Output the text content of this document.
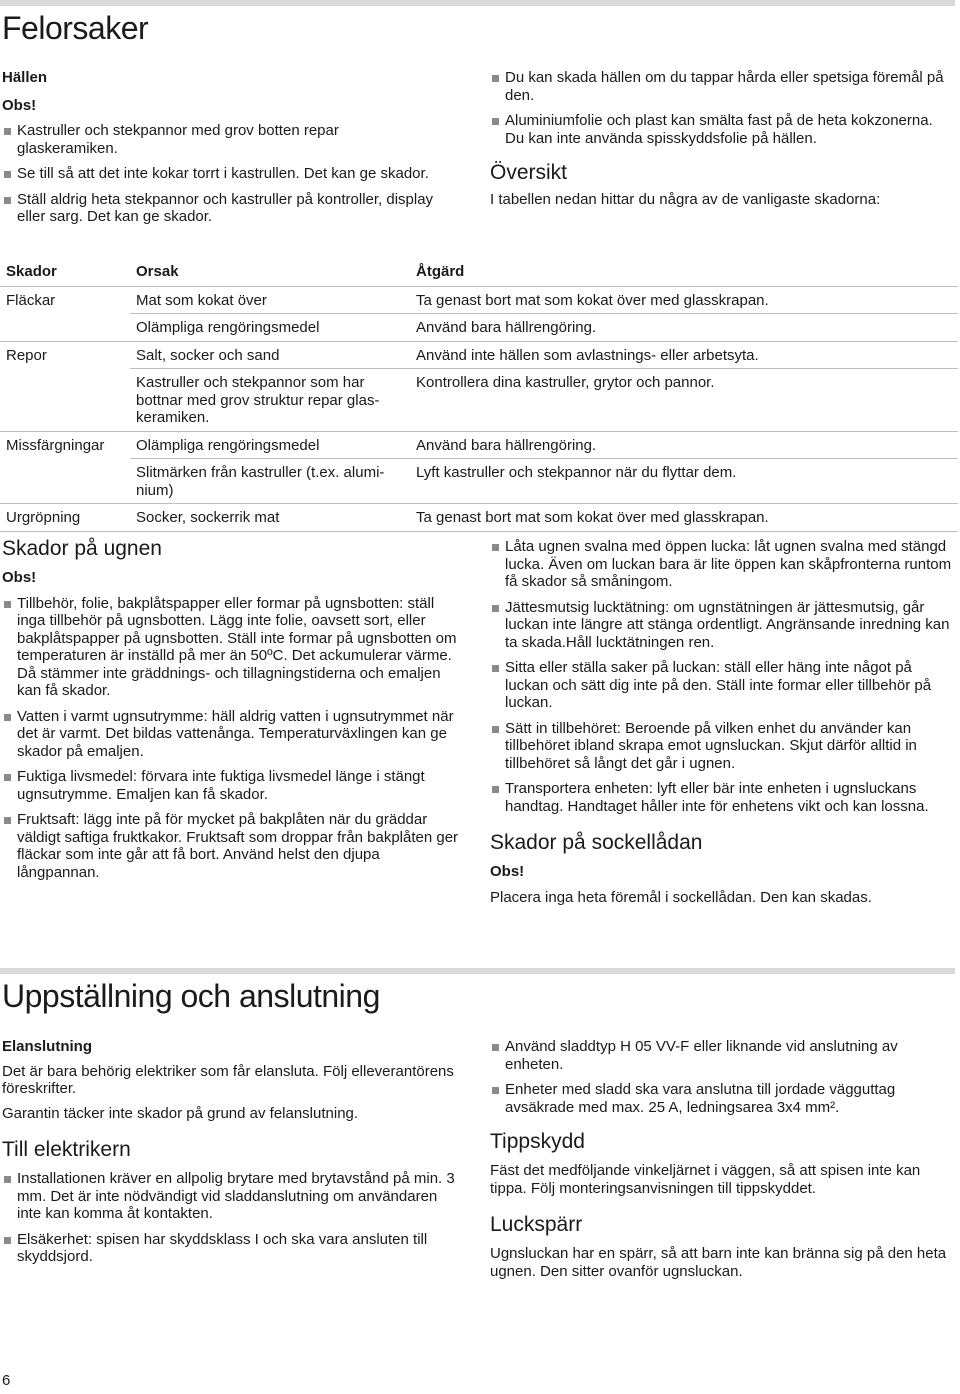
Felorsaker

Hällen

Obs!

Kastruller och stekpannor med grov botten repar glaskeramiken.
Se till så att det inte kokar torrt i kastrullen. Det kan ge skador.
Ställ aldrig heta stekpannor och kastruller på kontroller, display eller sarg. Det kan ge skador.
Du kan skada hällen om du tappar hårda eller spetsiga föremål på den.
Aluminiumfolie och plast kan smälta fast på de heta kokzonerna. Du kan inte använda spisskyddsfolie på hällen.
Översikt

I tabellen nedan hittar du några av de vanligaste skadorna:

Skador	Orsak	Åtgärd
Fläckar	Mat som kokat över	Ta genast bort mat som kokat över med glasskrapan.
	Olämpliga rengöringsmedel	Använd bara hällrengöring.
Repor	Salt, socker och sand	Använd inte hällen som avlastnings- eller arbetsyta.
	Kastruller och stekpannor som har bottnar med grov struktur repar glaskeramiken.	Kontrollera dina kastruller, grytor och pannor.
Missfärgningar	Olämpliga rengöringsmedel	Använd bara hällrengöring.
	Slitmärken från kastruller (t.ex. aluminium)	Lyft kastruller och stekpannor när du flyttar dem.
Urgröpning	Socker, sockerrik mat	Ta genast bort mat som kokat över med glasskrapan.
Skador på ugnen

Obs!

Tillbehör, folie, bakplåtspapper eller formar på ugnsbotten: ställ inga tillbehör på ugnsbotten. Lägg inte folie, oavsett sort, eller bakplåtspapper på ugnsbotten. Ställ inte formar på ugnsbotten om temperaturen är inställd på mer än 50ºC. Det ackumulerar värme. Då stämmer inte gräddnings- och tillagningstiderna och emaljen kan få skador.
Vatten i varmt ugnsutrymme: häll aldrig vatten i ugnsutrymmet när det är varmt. Det bildas vattenånga. Temperaturväxlingen kan ge skador på emaljen.
Fuktiga livsmedel: förvara inte fuktiga livsmedel länge i stängt ugnsutrymme. Emaljen kan få skador.
Fruktsaft: lägg inte på för mycket på bakplåten när du gräddar väldigt saftiga fruktkakor. Fruktsaft som droppar från bakplåten ger fläckar som inte går att få bort. Använd helst den djupa långpannan.
Låta ugnen svalna med öppen lucka: låt ugnen svalna med stängd lucka. Även om luckan bara är lite öppen kan skåpfronterna runtom få skador så småningom.
Jättesmutsig lucktätning: om ugnstätningen är jättesmutsig, går luckan inte längre att stänga ordentligt. Angränsande inredning kan ta skada.Håll lucktätningen ren.
Sitta eller ställa saker på luckan: ställ eller häng inte något på luckan och sätt dig inte på den. Ställ inte formar eller tillbehör på luckan.
Sätt in tillbehöret: Beroende på vilken enhet du använder kan tillbehöret ibland skrapa emot ugnsluckan. Skjut därför alltid in tillbehöret så långt det går i ugnen.
Transportera enheten: lyft eller bär inte enheten i ugnsluckans handtag. Handtaget håller inte för enhetens vikt och kan lossna.
Skador på sockellådan

Obs!

Placera inga heta föremål i sockellådan. Den kan skadas.

Uppställning och anslutning

Elanslutning

Det är bara behörig elektriker som får elansluta. Följ elleverantörens föreskrifter.

Garantin täcker inte skador på grund av felanslutning.

Till elektrikern
Installationen kräver en allpolig brytare med brytavstånd på min. 3 mm. Det är inte nödvändigt vid sladdanslutning om användaren inte kan komma åt kontakten.
Elsäkerhet: spisen har skyddsklass I och ska vara ansluten till skyddsjord.
Använd sladdtyp H 05 VV-F eller liknande vid anslutning av enheten.
Enheter med sladd ska vara anslutna till jordade vägguttag avsäkrade med max. 25 A, ledningsarea 3x4 mm².
Tippskydd

Fäst det medföljande vinkeljärnet i väggen, så att spisen inte kan tippa. Följ monteringsanvisningen till tippskyddet.

Luckspärr

Ugnsluckan har en spärr, så att barn inte kan bränna sig på den heta ugnen. Den sitter ovanför ugnsluckan.

6
